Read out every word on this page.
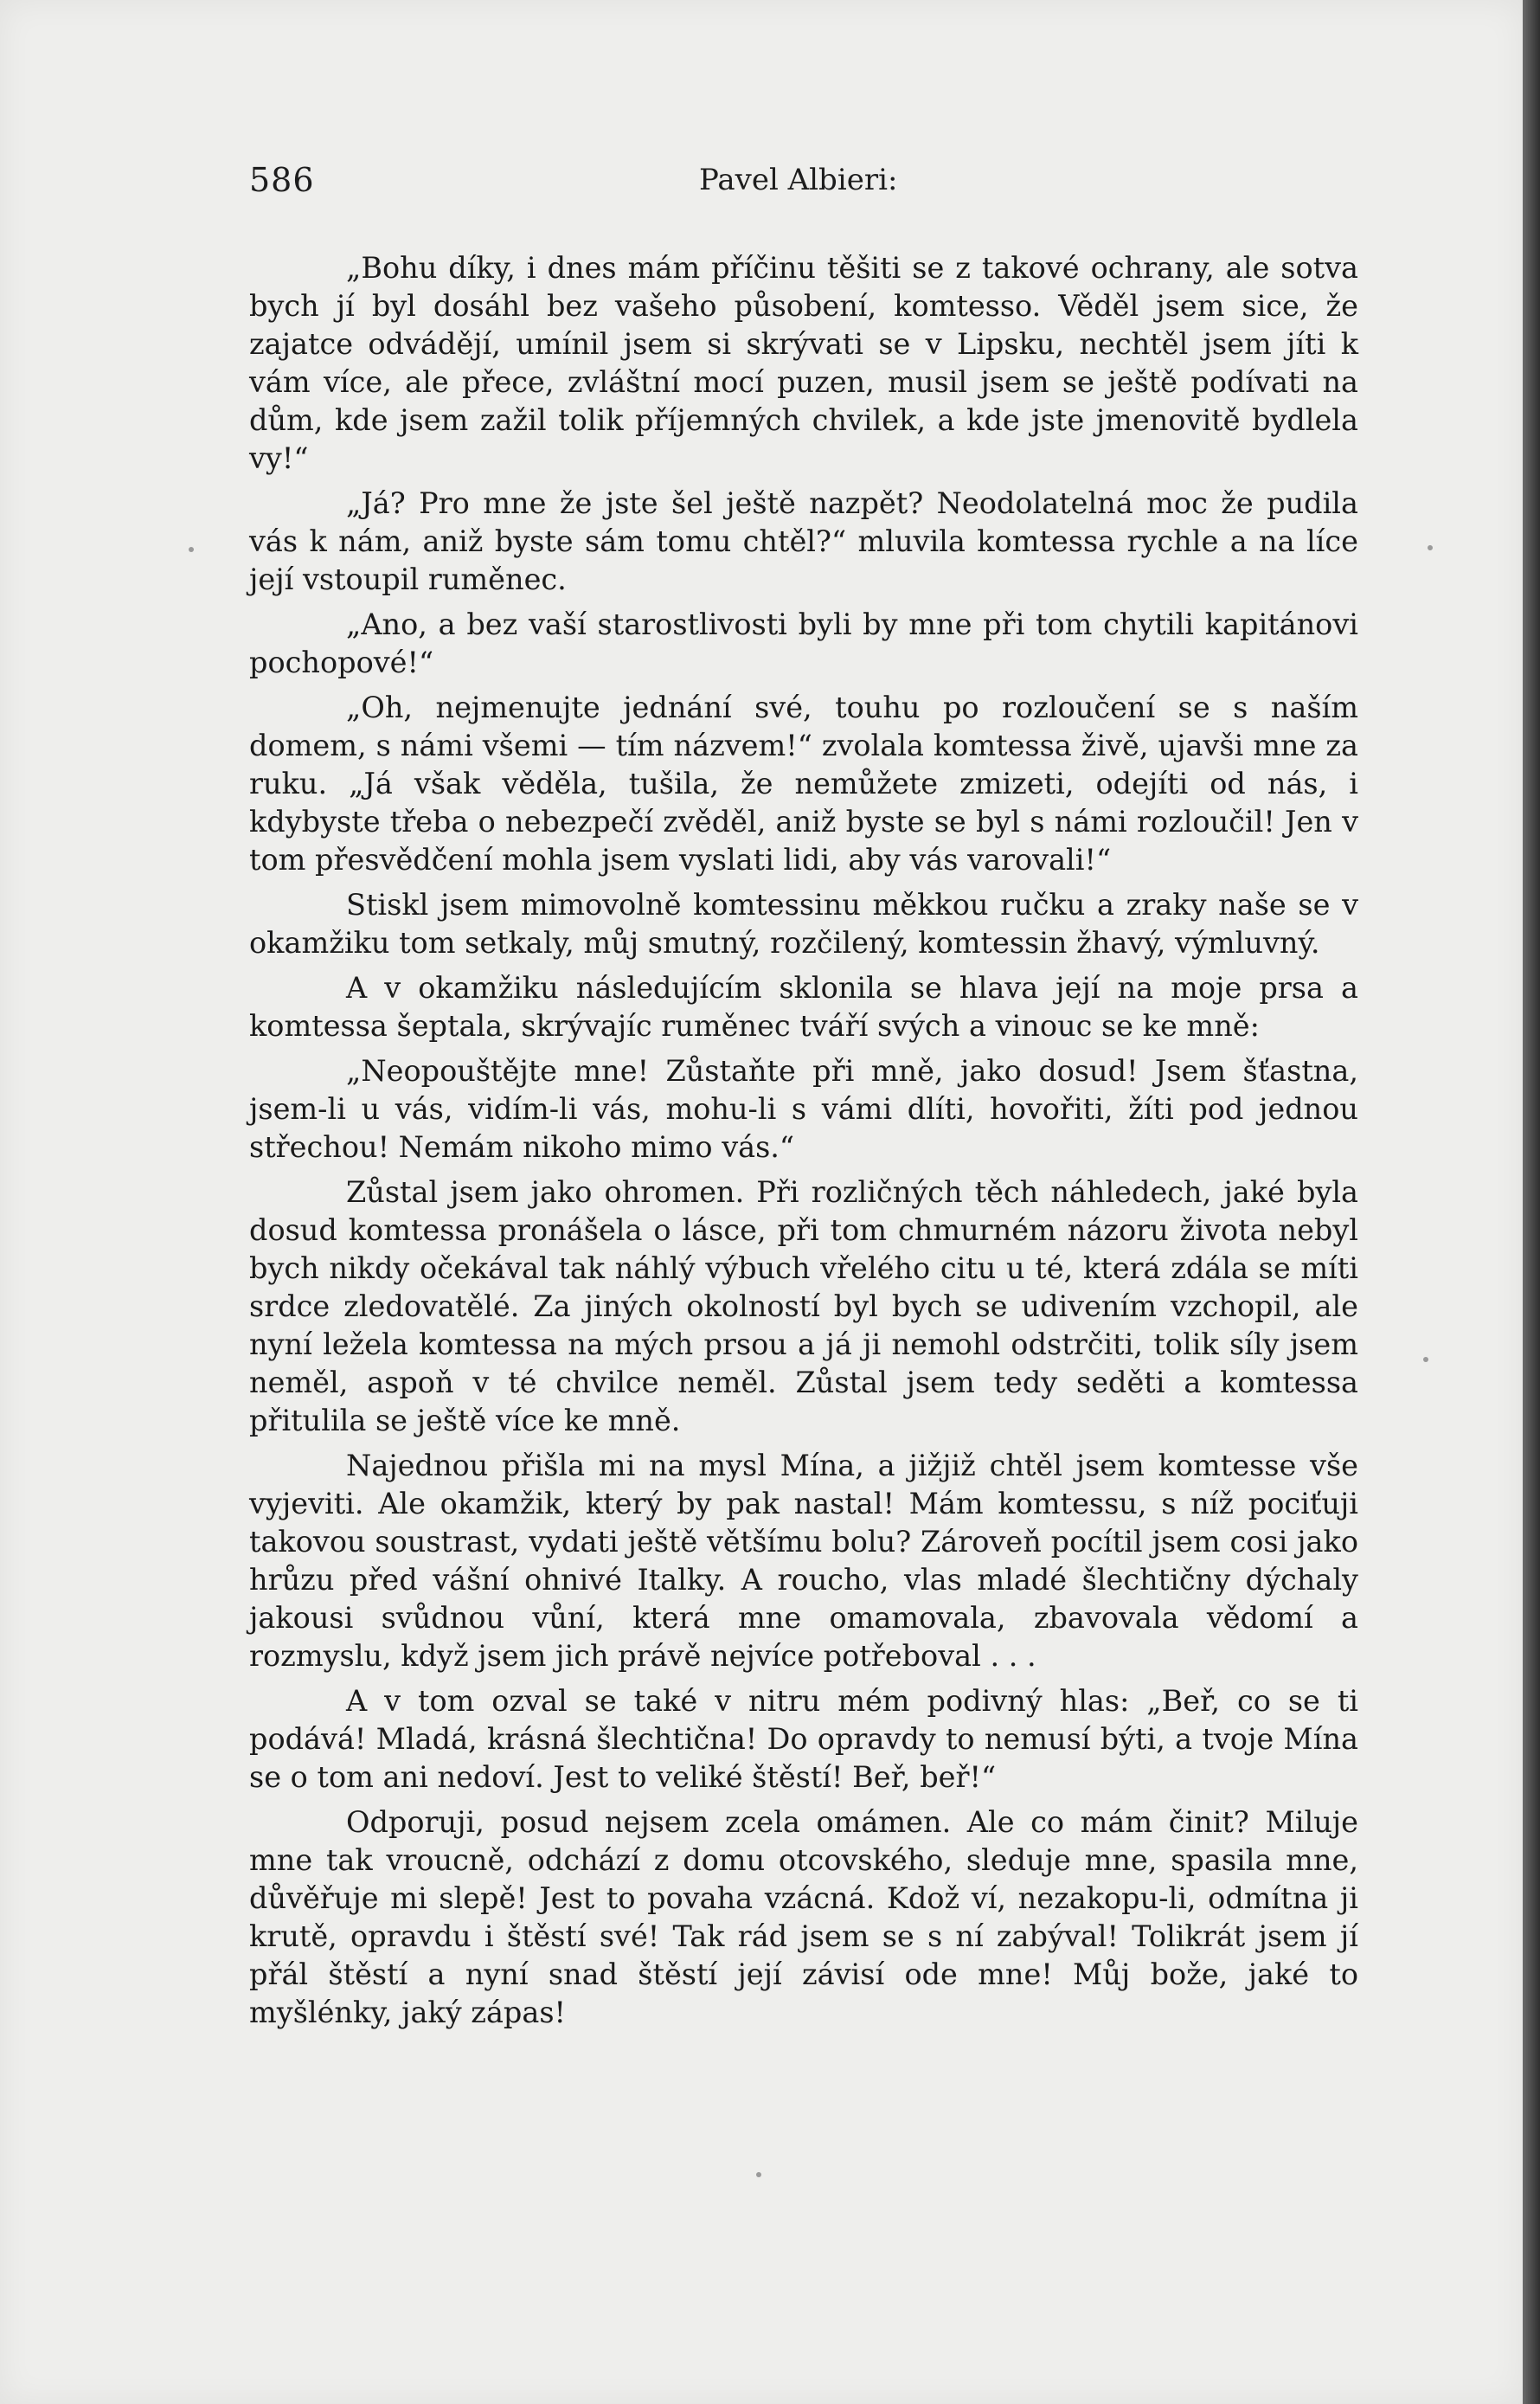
586	Pavel Albieri:

„Bohu díky, i dnes mám příčinu těšiti se z takové ochrany, ale sotva bych jí byl dosáhl bez vašeho působení, komtesso. Věděl jsem sice, že zajatce odvádějí, umínil jsem si skrývati se v Lipsku, nechtěl jsem jíti k vám více, ale přece, zvláštní mocí puzen, musil jsem se ještě podívati na dům, kde jsem zažil tolik příjemných chvilek, a kde jste jmenovitě bydlela vy!“

„Já? Pro mne že jste šel ještě nazpět? Neodolatelná moc že pudila vás k nám, aniž byste sám tomu chtěl?“ mluvila komtessa rychle a na líce její vstoupil ruměnec.

„Ano, a bez vaší starostlivosti byli by mne při tom chytili kapitánovi pochopové!“

„Oh, nejmenujte jednání své, touhu po rozloučení se s naším domem, s námi všemi — tím názvem!“ zvolala komtessa živě, ujavši mne za ruku. „Já však věděla, tušila, že nemůžete zmizeti, odejíti od nás, i kdybyste třeba o nebezpečí zvěděl, aniž byste se byl s námi rozloučil! Jen v tom přesvědčení mohla jsem vyslati lidi, aby vás varovali!“

Stiskl jsem mimovolně komtessinu měkkou ručku a zraky naše se v okamžiku tom setkaly, můj smutný, rozčilený, komtessin žhavý, výmluvný.

A v okamžiku následujícím sklonila se hlava její na moje prsa a komtessa šeptala, skrývajíc ruměnec tváří svých a vinouc se ke mně:

„Neopouštějte mne! Zůstaňte při mně, jako dosud! Jsem šťastna, jsem-li u vás, vidím-li vás, mohu-li s vámi dlíti, hovořiti, žíti pod jednou střechou! Nemám nikoho mimo vás.“

Zůstal jsem jako ohromen. Při rozličných těch náhledech, jaké byla dosud komtessa pronášela o lásce, při tom chmurném názoru života nebyl bych nikdy očekával tak náhlý výbuch vřelého citu u té, která zdála se míti srdce zledovatělé. Za jiných okolností byl bych se udivením vzchopil, ale nyní ležela komtessa na mých prsou a já ji nemohl odstrčiti, tolik síly jsem neměl, aspoň v té chvilce neměl. Zůstal jsem tedy seděti a komtessa přitulila se ještě více ke mně.

Najednou přišla mi na mysl Mína, a jižjiž chtěl jsem komtesse vše vyjeviti. Ale okamžik, který by pak nastal! Mám komtessu, s níž pociťuji takovou soustrast, vydati ještě většímu bolu? Zároveň pocítil jsem cosi jako hrůzu před vášní ohnivé Italky. A roucho, vlas mladé šlechtičny dýchaly jakousi svůdnou vůní, která mne omamovala, zbavovala vědomí a rozmyslu, když jsem jich právě nejvíce potřeboval . . .

A v tom ozval se také v nitru mém podivný hlas: „Beř, co se ti podává! Mladá, krásná šlechtična! Do opravdy to nemusí býti, a tvoje Mína se o tom ani nedoví. Jest to veliké štěstí! Beř, beř!“

Odporuji, posud nejsem zcela omámen. Ale co mám činit? Miluje mne tak vroucně, odchází z domu otcovského, sleduje mne, spasila mne, důvěřuje mi slepě! Jest to povaha vzácná. Kdož ví, nezakopu-li, odmítna ji krutě, opravdu i štěstí své! Tak rád jsem se s ní zabýval! Tolikrát jsem jí přál štěstí a nyní snad štěstí její závisí ode mne! Můj bože, jaké to myšlénky, jaký zápas!
